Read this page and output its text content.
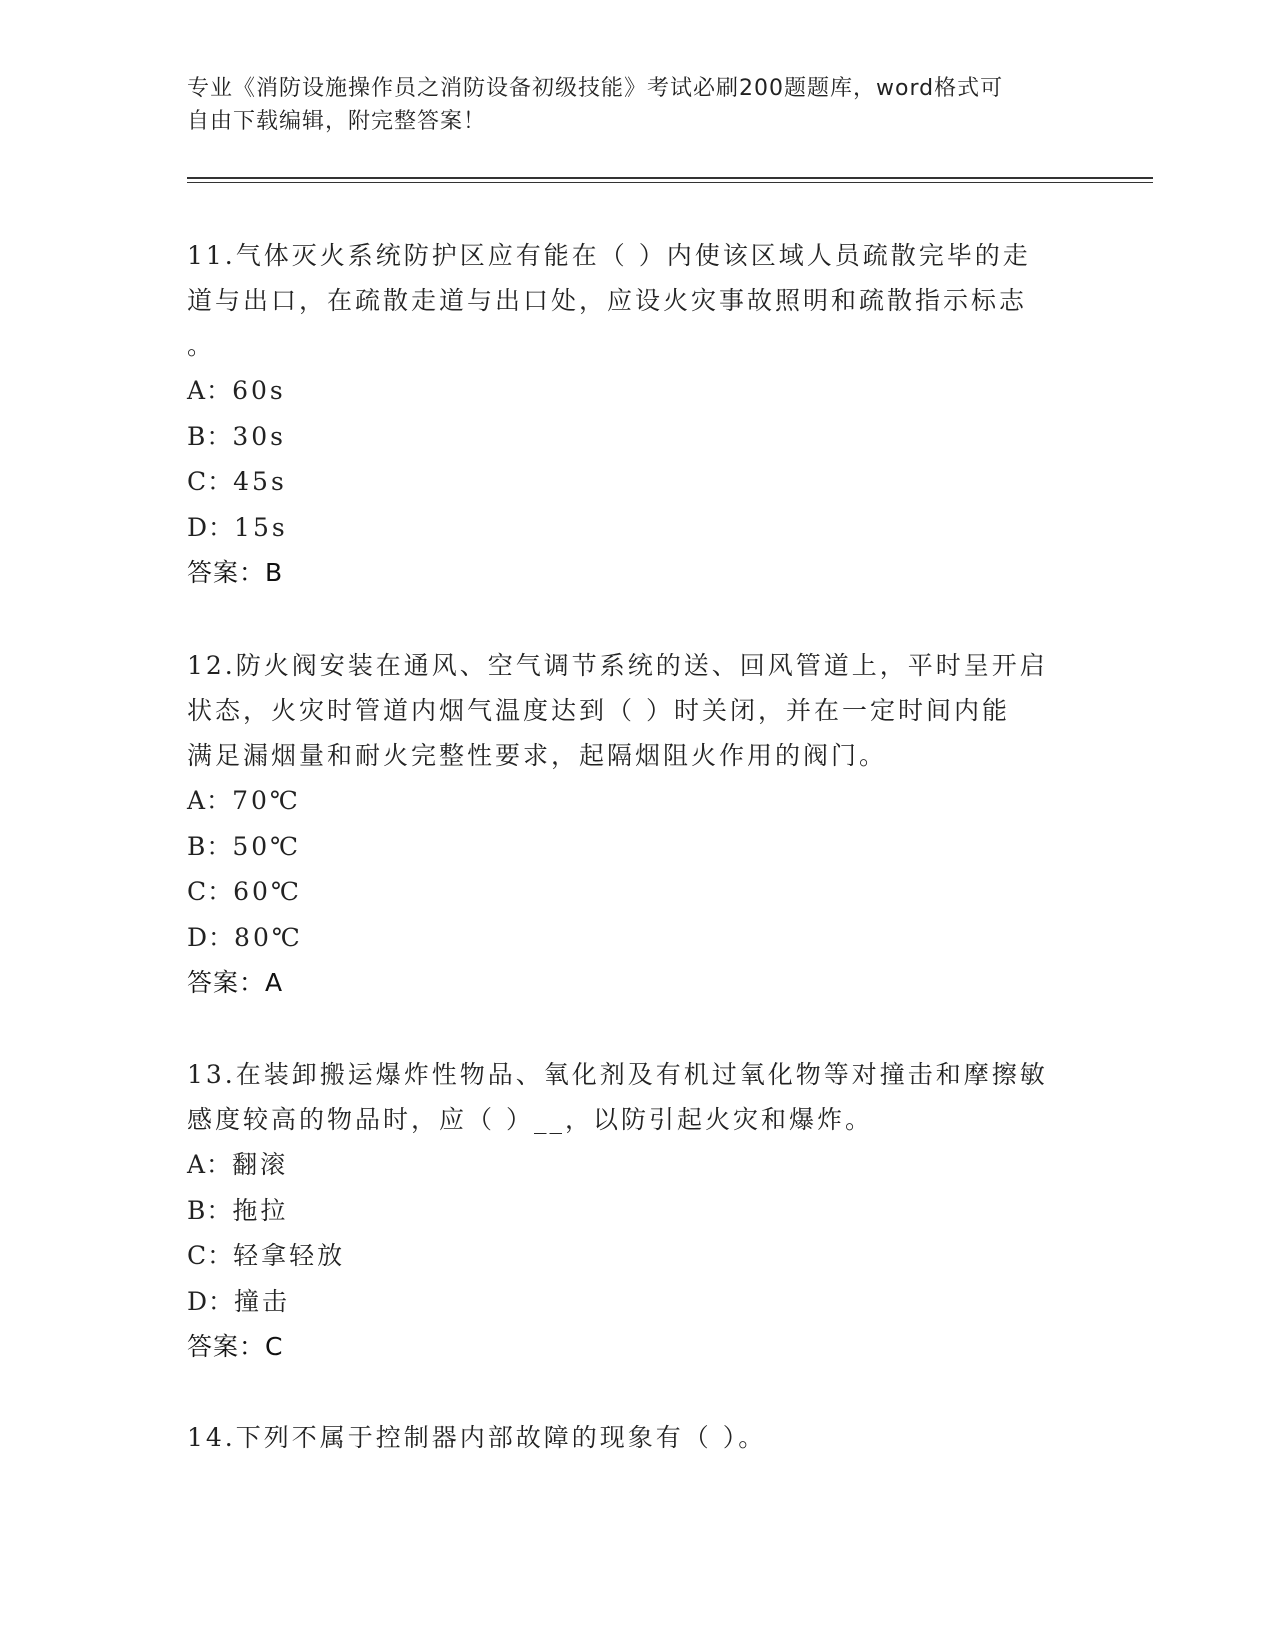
专业《消防设施操作员之消防设备初级技能》考试必刷200题题库，word格式可
自由下载编辑，附完整答案！
11.气体灭火系统防护区应有能在（ ）内使该区域人员疏散完毕的走
道与出口，在疏散走道与出口处，应设火灾事故照明和疏散指示标志
。
A：60s
B：30s
C：45s
D：15s
答案：B
12.防火阀安装在通风、空气调节系统的送、回风管道上，平时呈开启
状态，火灾时管道内烟气温度达到（ ）时关闭，并在一定时间内能
满足漏烟量和耐火完整性要求，起隔烟阻火作用的阀门。
A：70℃
B：50℃
C：60℃
D：80℃
答案：A
13.在装卸搬运爆炸性物品、氧化剂及有机过氧化物等对撞击和摩擦敏
感度较高的物品时，应（ ）__，以防引起火灾和爆炸。
A：翻滚
B：拖拉
C：轻拿轻放
D：撞击
答案：C
14.下列不属于控制器内部故障的现象有（ ）。
